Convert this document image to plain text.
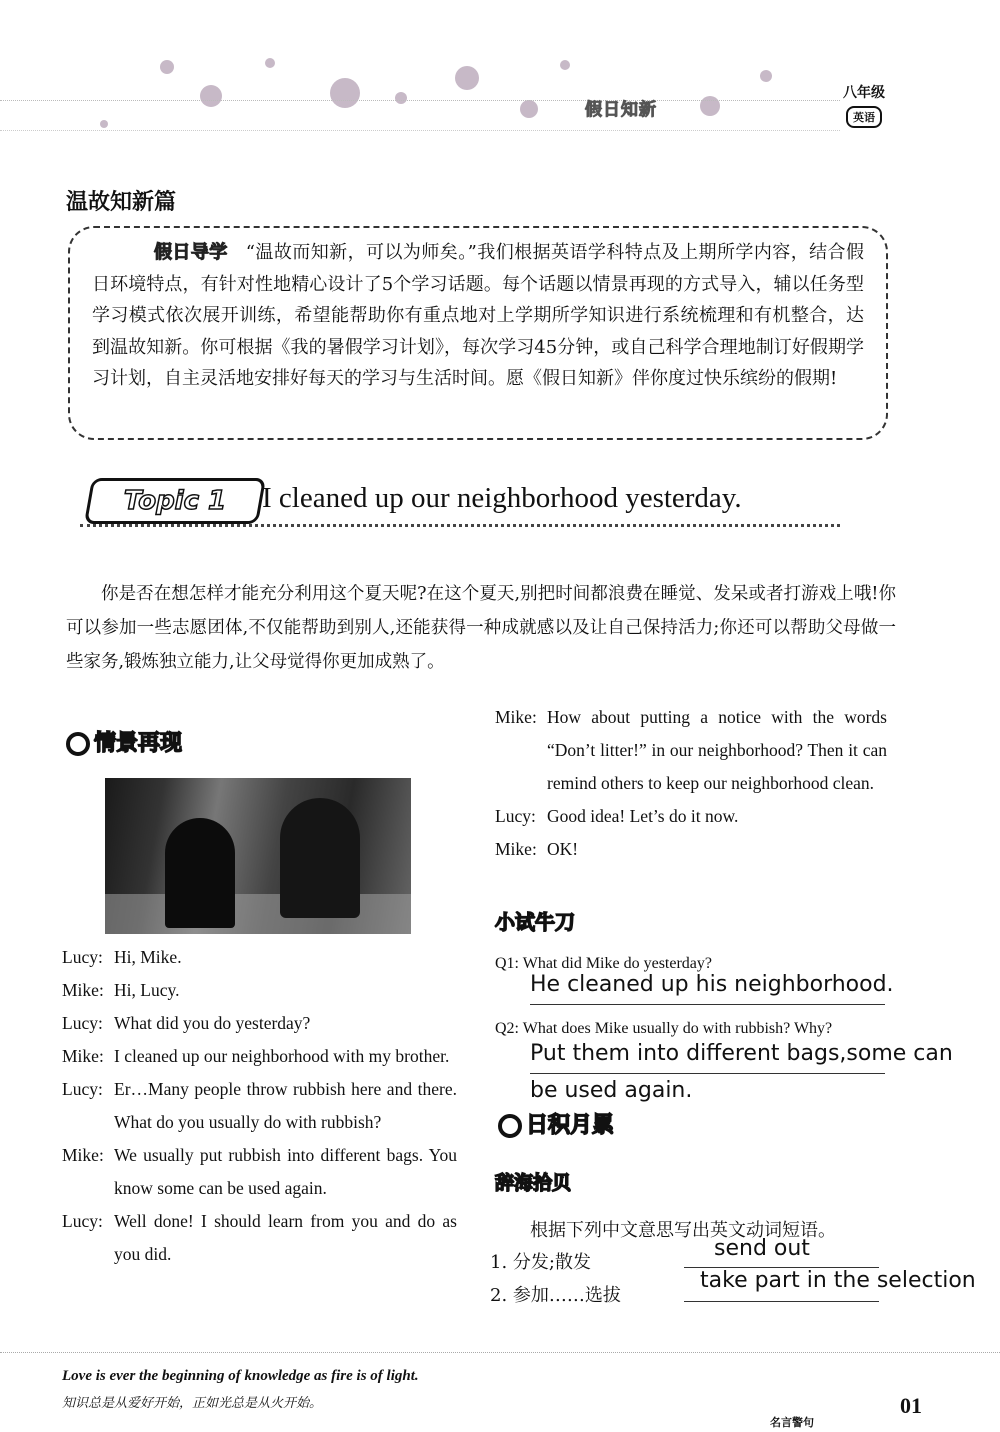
假日知新
八年级
英语
温故知新篇
假日导学 “温故而知新，可以为师矣。”我们根据英语学科特点及上期所学内容，结合假日环境特点，有针对性地精心设计了5个学习话题。每个话题以情景再现的方式导入，辅以任务型学习模式依次展开训练，希望能帮助你有重点地对上学期所学知识进行系统梳理和有机整合，达到温故知新。你可根据《我的暑假学习计划》，每次学习45分钟，或自己科学合理地制订好假期学习计划，自主灵活地安排好每天的学习与生活时间。愿《假日知新》伴你度过快乐缤纷的假期!
Topic 1	I cleaned up our neighborhood yesterday.
你是否在想怎样才能充分利用这个夏天呢?在这个夏天,别把时间都浪费在睡觉、发呆或者打游戏上哦!你可以参加一些志愿团体,不仅能帮助到别人,还能获得一种成就感以及让自己保持活力;你还可以帮助父母做一些家务,锻炼独立能力,让父母觉得你更加成熟了。
情景再现
Lucy: Hi, Mike.
Mike: Hi, Lucy.
Lucy: What did you do yesterday?
Mike: I cleaned up our neighborhood with my brother.
Lucy: Er…Many people throw rubbish here and there. What do you usually do with rubbish?
Mike: We usually put rubbish into different bags. You know some can be used again.
Lucy: Well done! I should learn from you and do as you did.
Mike: How about putting a notice with the words “Don’t litter!” in our neighborhood? Then it can remind others to keep our neighborhood clean.
Lucy: Good idea! Let’s do it now.
Mike: OK!
小试牛刀
Q1: What did Mike do yesterday?
He cleaned up his neighborhood.
Q2: What does Mike usually do with rubbish? Why?
Put them into different bags,some can
be used again.
日积月累
辞海拾贝
根据下列中文意思写出英文动词短语。
1. 分发;散发
send out
2. 参加……选拔
take part in the selection
Love is ever the beginning of knowledge as fire is of light.
知识总是从爱好开始，正如光总是从火开始。
名言警句
01
